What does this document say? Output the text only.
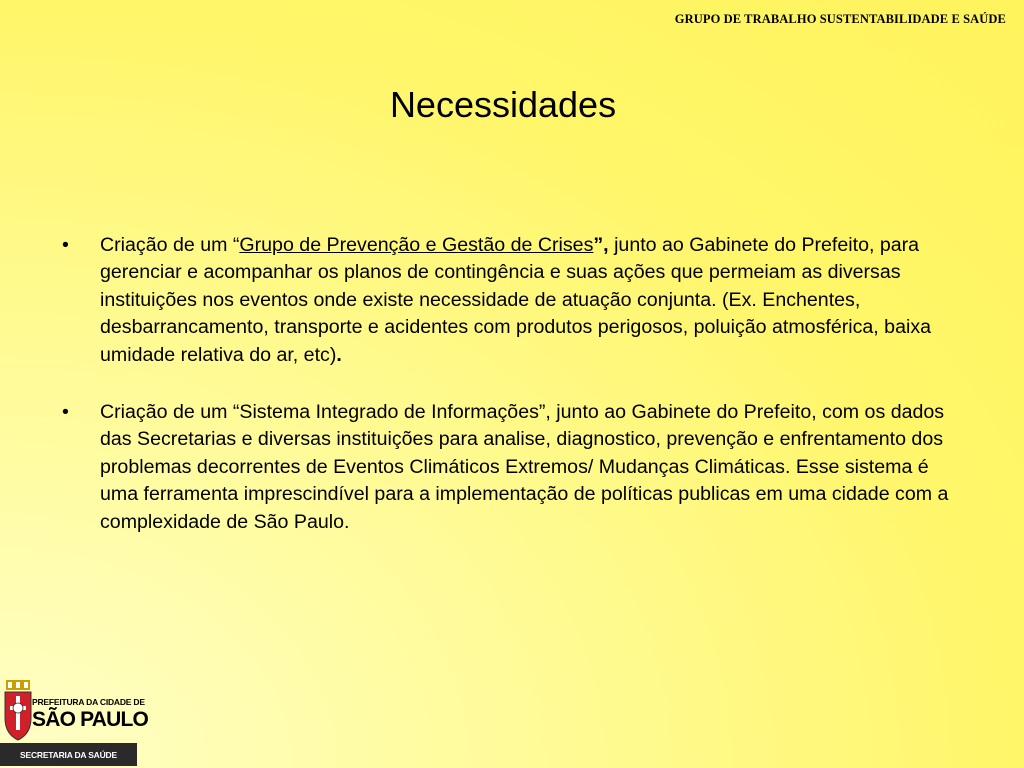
GRUPO DE TRABALHO SUSTENTABILIDADE E SAÚDE
Necessidades
• Criação de um “Grupo de Prevenção e Gestão de Crises”, junto ao Gabinete do Prefeito, para gerenciar e acompanhar os planos de contingência e suas ações que permeiam as diversas instituições nos eventos onde existe necessidade de atuação conjunta. (Ex. Enchentes, desbarrancamento, transporte e acidentes com produtos perigosos, poluição atmosférica, baixa umidade relativa do ar, etc).
• Criação de um “Sistema Integrado de Informações”, junto ao Gabinete do Prefeito, com os dados das Secretarias e diversas instituições para analise, diagnostico, prevenção e enfrentamento dos problemas decorrentes de Eventos Climáticos Extremos/ Mudanças Climáticas. Esse sistema é uma ferramenta imprescindível para a implementação de políticas publicas em uma cidade com a complexidade de São Paulo.
PREFEITURA DA CIDADE DE
SÃO PAULO
SECRETARIA DA SAÚDE
